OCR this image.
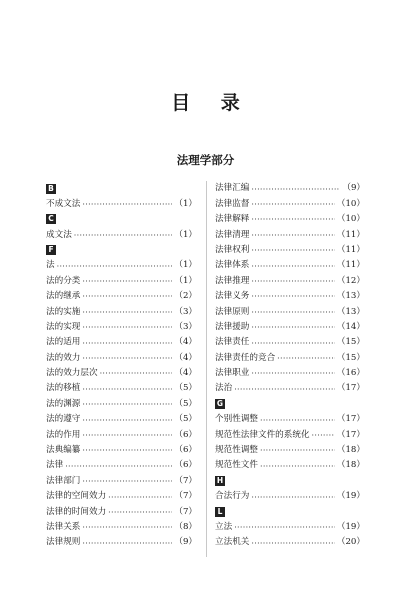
目 录
法理学部分
B
不成文法 ·····	（1）
C
成文法 ·····	（1）
F
法 ·····	（1）
法的分类 ·····	（1）
法的继承 ·····	（2）
法的实施 ·····	（3）
法的实现 ·····	（3）
法的适用 ·····	（4）
法的效力 ·····	（4）
法的效力层次 ·····	（4）
法的移植 ·····	（5）
法的渊源 ·····	（5）
法的遵守 ·····	（5）
法的作用 ·····	（6）
法典编纂 ·····	（6）
法律 ·····	（6）
法律部门 ·····	（7）
法律的空间效力 ·····	（7）
法律的时间效力 ·····	（7）
法律关系 ·····	（8）
法律规则 ·····	（9）
法律汇编 ·····	（9）
法律监督 ·····	（10）
法律解释 ·····	（10）
法律清理 ·····	（11）
法律权利 ·····	（11）
法律体系 ·····	（11）
法律推理 ·····	（12）
法律义务 ·····	（13）
法律原则 ·····	（13）
法律援助 ·····	（14）
法律责任 ·····	（15）
法律责任的竞合 ·····	（15）
法律职业 ·····	（16）
法治 ·····	（17）
G
个别性调整 ·····	（17）
规范性法律文件的系统化 ·····	（17）
规范性调整 ·····	（18）
规范性文件 ·····	（18）
H
合法行为 ·····	（19）
L
立法 ·····	（19）
立法机关 ·····	（20）
